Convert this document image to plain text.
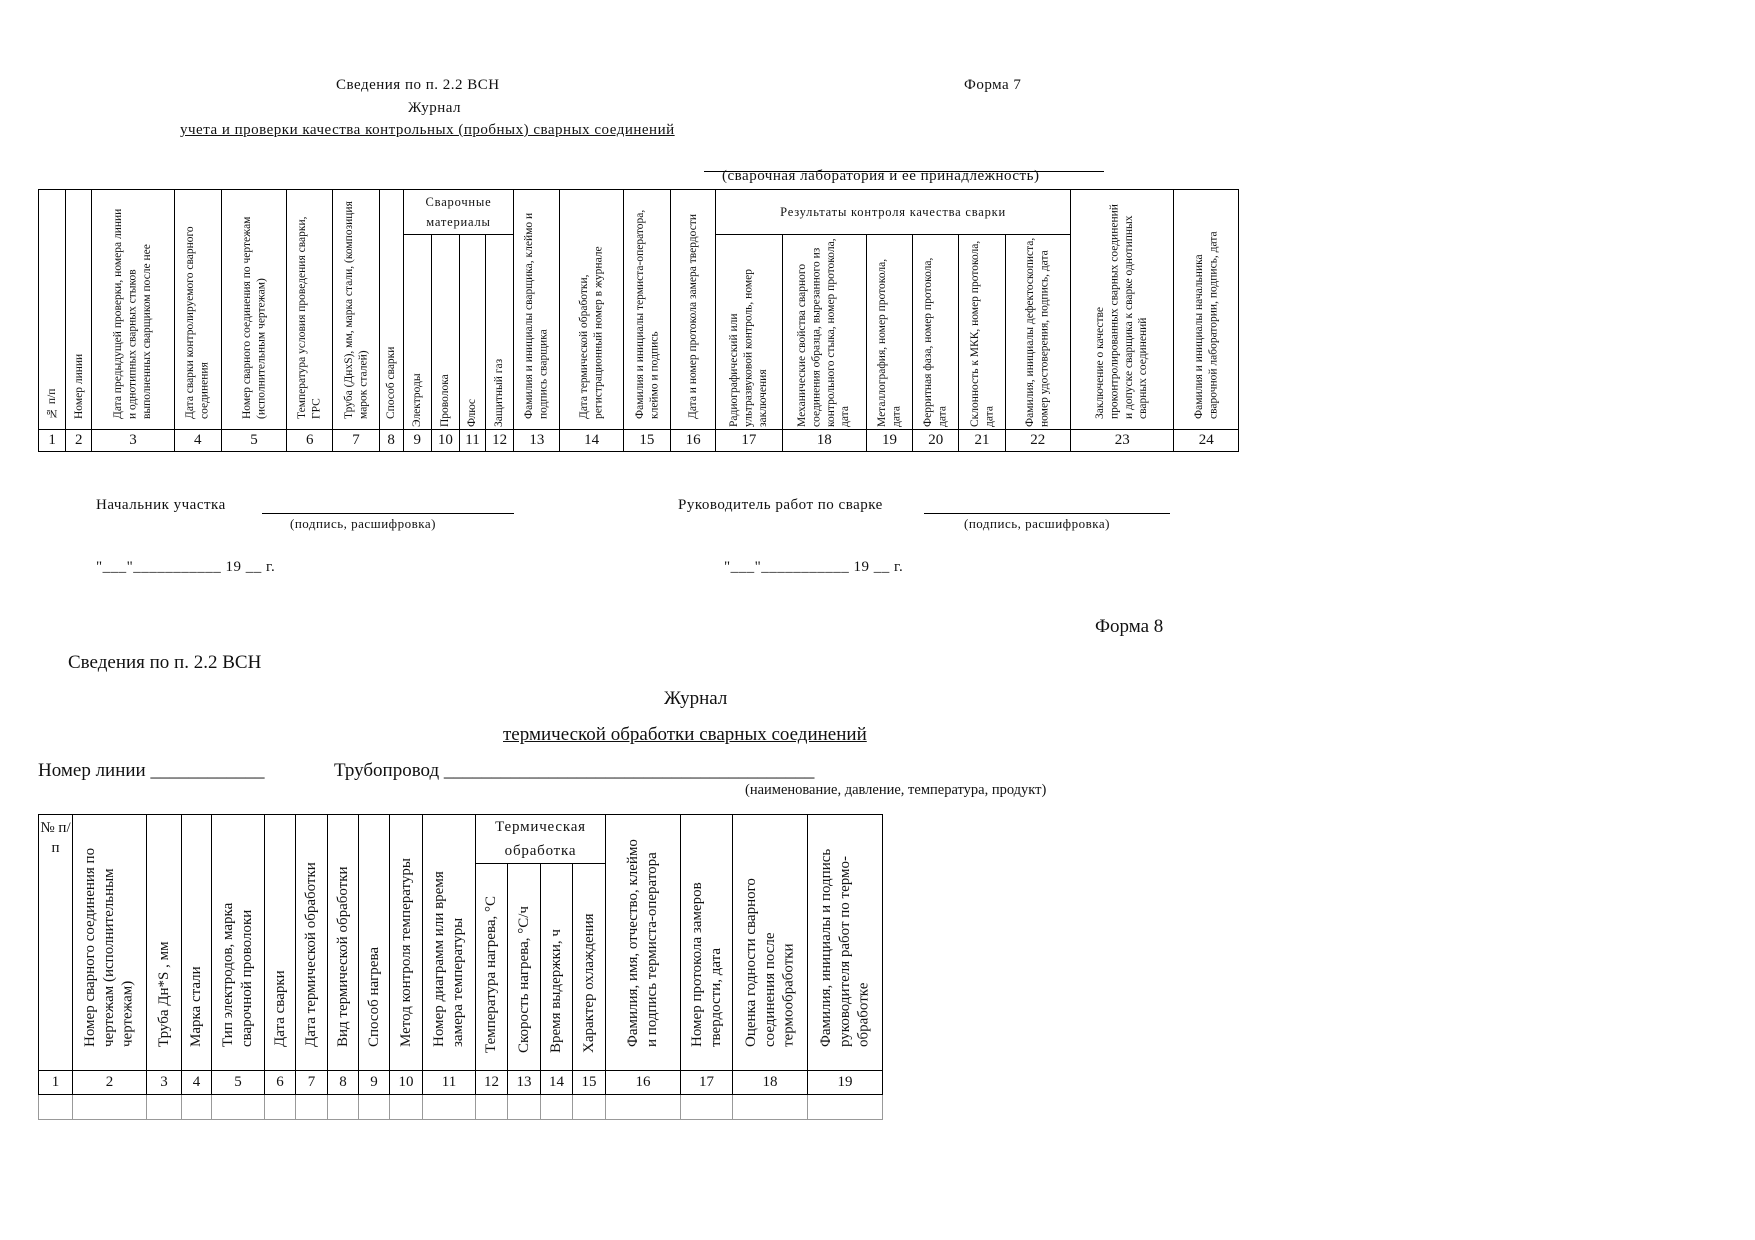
Сведения по п. 2.2 ВСН	Форма 7
Журнал
учета и проверки качества контрольных (пробных) сварных соединений
(сварочная лаборатория и ее принадлежность)
№ п/п	Номер линии	Дата предыдущей проверки, номера линии и однотипных сварных стыков выполненных сварщиком после нее	Дата сварки контролируемого сварного соединения	Номер сварного соединения по чертежам (исполнительным чертежам)	Температура условия проведения сварки, ГРС	Труба (ДнхS), мм, марка стали, (композиция марок сталей)	Способ сварки	Сварочные материалы				Фамилия и инициалы сварщика, клеймо и подпись сварщика	Дата термической обработки, регистрационный номер в журнале	Фамилия и инициалы термиста-оператора, клеймо и подпись	Дата и номер протокола замера твердости	Результаты контроля качества сварки						Заключение о качестве проконтролированных сварных соединений и допуске сварщика к сварке однотипных сварных соединений	Фамилия и инициалы начальника сварочной лаборатории, подпись, дата

								Электроды	Проволока	Флюс	Защитный газ					Радиографический или ультразвуковой контроль, номер заключения	Механические свойства сварного соединения образца, вырезанного из контрольного стыка, номер протокола, дата	Металлография, номер протокола, дата	Ферритная фаза, номер протокола, дата	Склонность к МКК, номер протокола, дата	Фамилия, инициалы дефектоскописта, номер удостоверения, подпись, дата		

1	2	3	4	5	6	7	8	9	10	11	12	13	14	15	16	17	18	19	20	21	22	23	24
Начальник участка
(подпись, расшифровка)
Руководитель работ по сварке
(подпись, расшифровка)
"___"___________ 19 __ г.	"___"___________ 19 __ г.
Форма 8
Сведения по п. 2.2 ВСН
Журнал
термической обработки сварных соединений
Номер линии ____________	Трубопровод _______________________________________
(наименование, давление, температура, продукт)
№ п/п	Номер сварного соединения по чертежам (исполнительным чертежам)	Труба Дн*S , мм	Марка стали	Тип электродов, марка сварочной проволоки	Дата сварки	Дата термической обработки	Вид термической обработки	Способ нагрева	Метод контроля температуры	Номер диаграмм или время замера температуры	Термическая обработка				Фамилия, имя, отчество, клеймо и подпись термиста-оператора	Номер протокола замеров твердости, дата	Оценка годности сварного соединения после термообработки	Фамилия, инициалы и подпись руководителя работ по термо-обработке

											Температура нагрева, °С	Скорость нагрева, °С/ч	Время выдержки, ч	Характер охлаждения				

1	2	3	4	5	6	7	8	9	10	11	12	13	14	15	16	17	18	19
